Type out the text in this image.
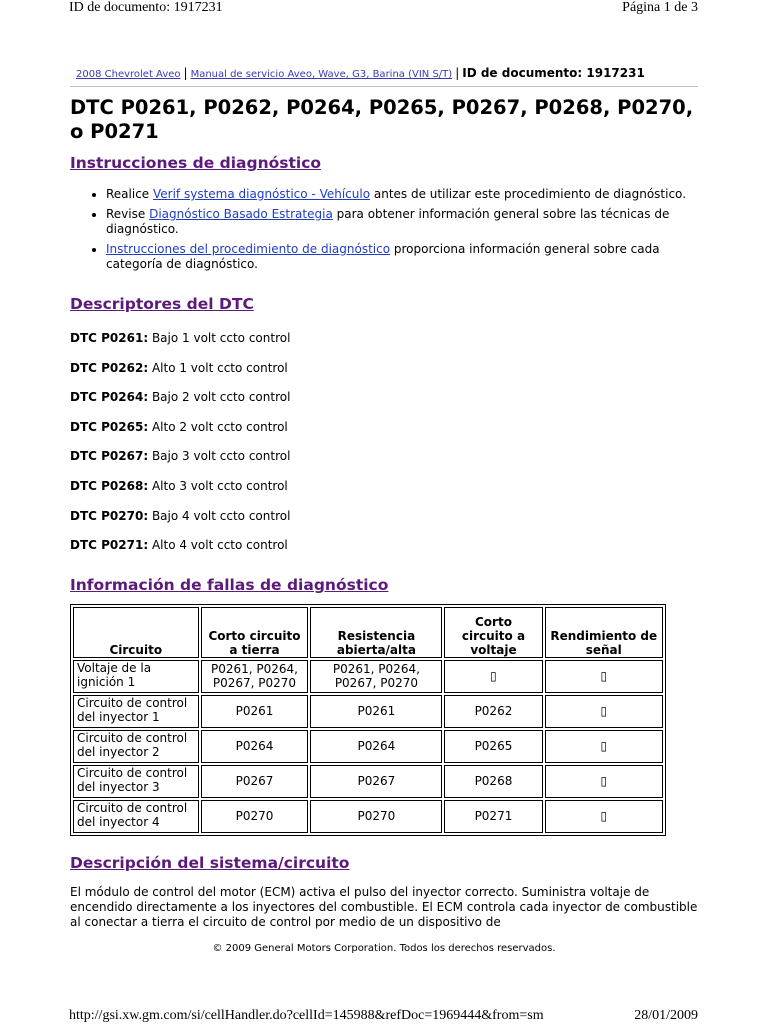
ID de documento: 1917231	Página 1 de 3
2008 Chevrolet Aveo | Manual de servicio Aveo, Wave, G3, Barina (VIN S/T) | ID de documento: 1917231
DTC P0261, P0262, P0264, P0265, P0267, P0268, P0270, o P0271
Instrucciones de diagnóstico
• Realice Verif systema diagnóstico - Vehículo antes de utilizar este procedimiento de diagnóstico.
• Revise Diagnóstico Basado Estrategia para obtener información general sobre las técnicas de diagnóstico.
• Instrucciones del procedimiento de diagnóstico proporciona información general sobre cada categoría de diagnóstico.
Descriptores del DTC
DTC P0261: Bajo 1 volt ccto control
DTC P0262: Alto 1 volt ccto control
DTC P0264: Bajo 2 volt ccto control
DTC P0265: Alto 2 volt ccto control
DTC P0267: Bajo 3 volt ccto control
DTC P0268: Alto 3 volt ccto control
DTC P0270: Bajo 4 volt ccto control
DTC P0271: Alto 4 volt ccto control
Información de fallas de diagnóstico
Circuito	Corto circuito a tierra	Resistencia abierta/alta	Corto circuito a voltaje	Rendimiento de señal
Voltaje de la ignición 1	P0261, P0264, P0267, P0270	P0261, P0264, P0267, P0270	▯	▯
Circuito de control del inyector 1	P0261	P0261	P0262	▯
Circuito de control del inyector 2	P0264	P0264	P0265	▯
Circuito de control del inyector 3	P0267	P0267	P0268	▯
Circuito de control del inyector 4	P0270	P0270	P0271	▯
Descripción del sistema/circuito
El módulo de control del motor (ECM) activa el pulso del inyector correcto. Suministra voltaje de encendido directamente a los inyectores del combustible. El ECM controla cada inyector de combustible al conectar a tierra el circuito de control por medio de un dispositivo de
© 2009 General Motors Corporation. Todos los derechos reservados.
http://gsi.xw.gm.com/si/cellHandler.do?cellId=145988&refDoc=1969444&from=sm	28/01/2009
